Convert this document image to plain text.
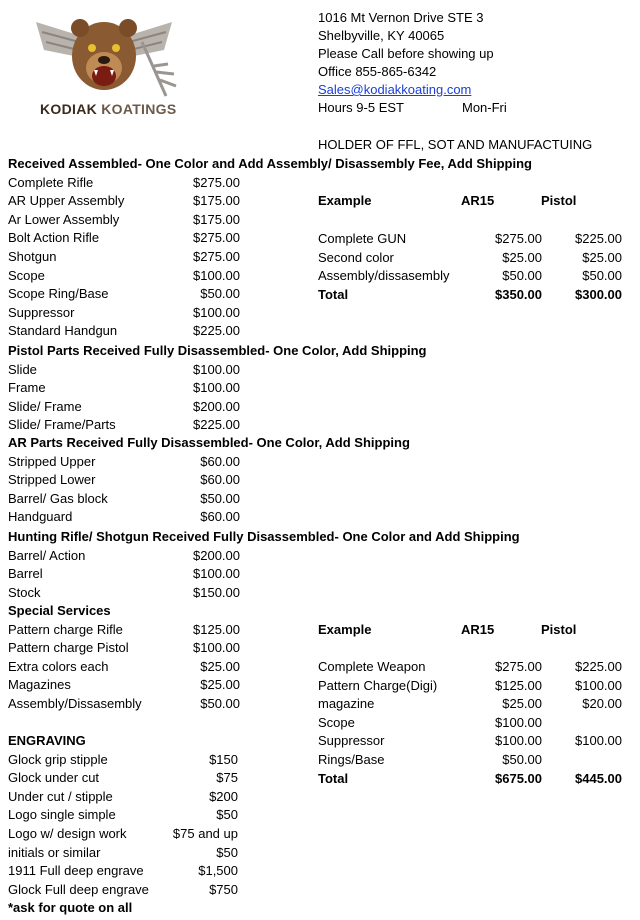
KODIAK KOATINGS
1016 Mt Vernon Drive STE 3
Shelbyville, KY 40065
Please Call before showing up
Office 855-865-6342
Sales@kodiakkoating.com
Hours 9-5 EST	Mon-Fri
HOLDER OF FFL, SOT AND MANUFACTUING
Received Assembled- One Color and Add Assembly/ Disassembly Fee, Add Shipping
Complete Rifle	$275.00
AR Upper Assembly	$175.00
Ar Lower Assembly	$175.00
Bolt Action Rifle	$275.00
Shotgun	$275.00
Scope	$100.00
Scope Ring/Base	$50.00
Suppressor	$100.00
Standard Handgun	$225.00
Pistol Parts Received Fully Disassembled- One Color, Add Shipping
Slide	$100.00
Frame	$100.00
Slide/ Frame	$200.00
Slide/ Frame/Parts	$225.00
AR Parts Received Fully Disassembled- One Color, Add Shipping
Stripped Upper	$60.00
Stripped Lower	$60.00
Barrel/ Gas block	$50.00
Handguard	$60.00
Hunting Rifle/ Shotgun Received Fully Disassembled- One Color and Add Shipping
Barrel/ Action	$200.00
Barrel	$100.00
Stock	$150.00
Special Services
Pattern charge Rifle	$125.00
Pattern charge Pistol	$100.00
Extra colors each	$25.00
Magazines	$25.00
Assembly/Dissasembly	$50.00
ENGRAVING
Glock grip stipple	$150
Glock under cut	$75
Under cut / stipple	$200
Logo single simple	$50
Logo w/ design work	$75 and up
initials or similar	$50
1911 Full deep engrave	$1,500
Glock Full deep engrave	$750
*ask for quote on all
Example	AR15	Pistol
Complete GUN	$275.00	$225.00
Second color	$25.00	$25.00
Assembly/dissasembly	$50.00	$50.00
Total	$350.00	$300.00
Example	AR15	Pistol
Complete Weapon	$275.00	$225.00
Pattern Charge(Digi)	$125.00	$100.00
magazine	$25.00	$20.00
Scope	$100.00
Suppressor	$100.00	$100.00
Rings/Base	$50.00
Total	$675.00	$445.00
